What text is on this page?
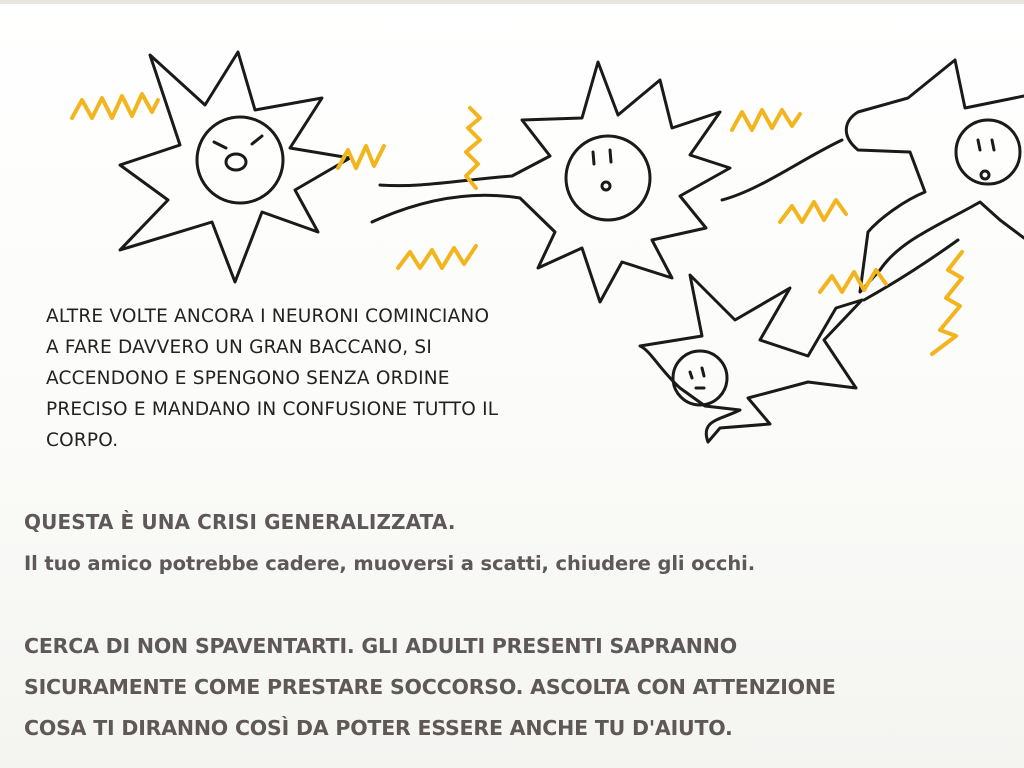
ALTRE VOLTE ANCORA I NEURONI COMINCIANO
A FARE DAVVERO UN GRAN BACCANO, SI
ACCENDONO E SPENGONO SENZA ORDINE
PRECISO E MANDANO IN CONFUSIONE TUTTO IL
CORPO.

QUESTA È UNA CRISI GENERALIZZATA.

Il tuo amico potrebbe cadere, muoversi a scatti, chiudere gli occhi.

CERCA DI NON SPAVENTARTI. GLI ADULTI PRESENTI SAPRANNO
SICURAMENTE COME PRESTARE SOCCORSO. ASCOLTA CON ATTENZIONE
COSA TI DIRANNO COSÌ DA POTER ESSERE ANCHE TU D'AIUTO.
